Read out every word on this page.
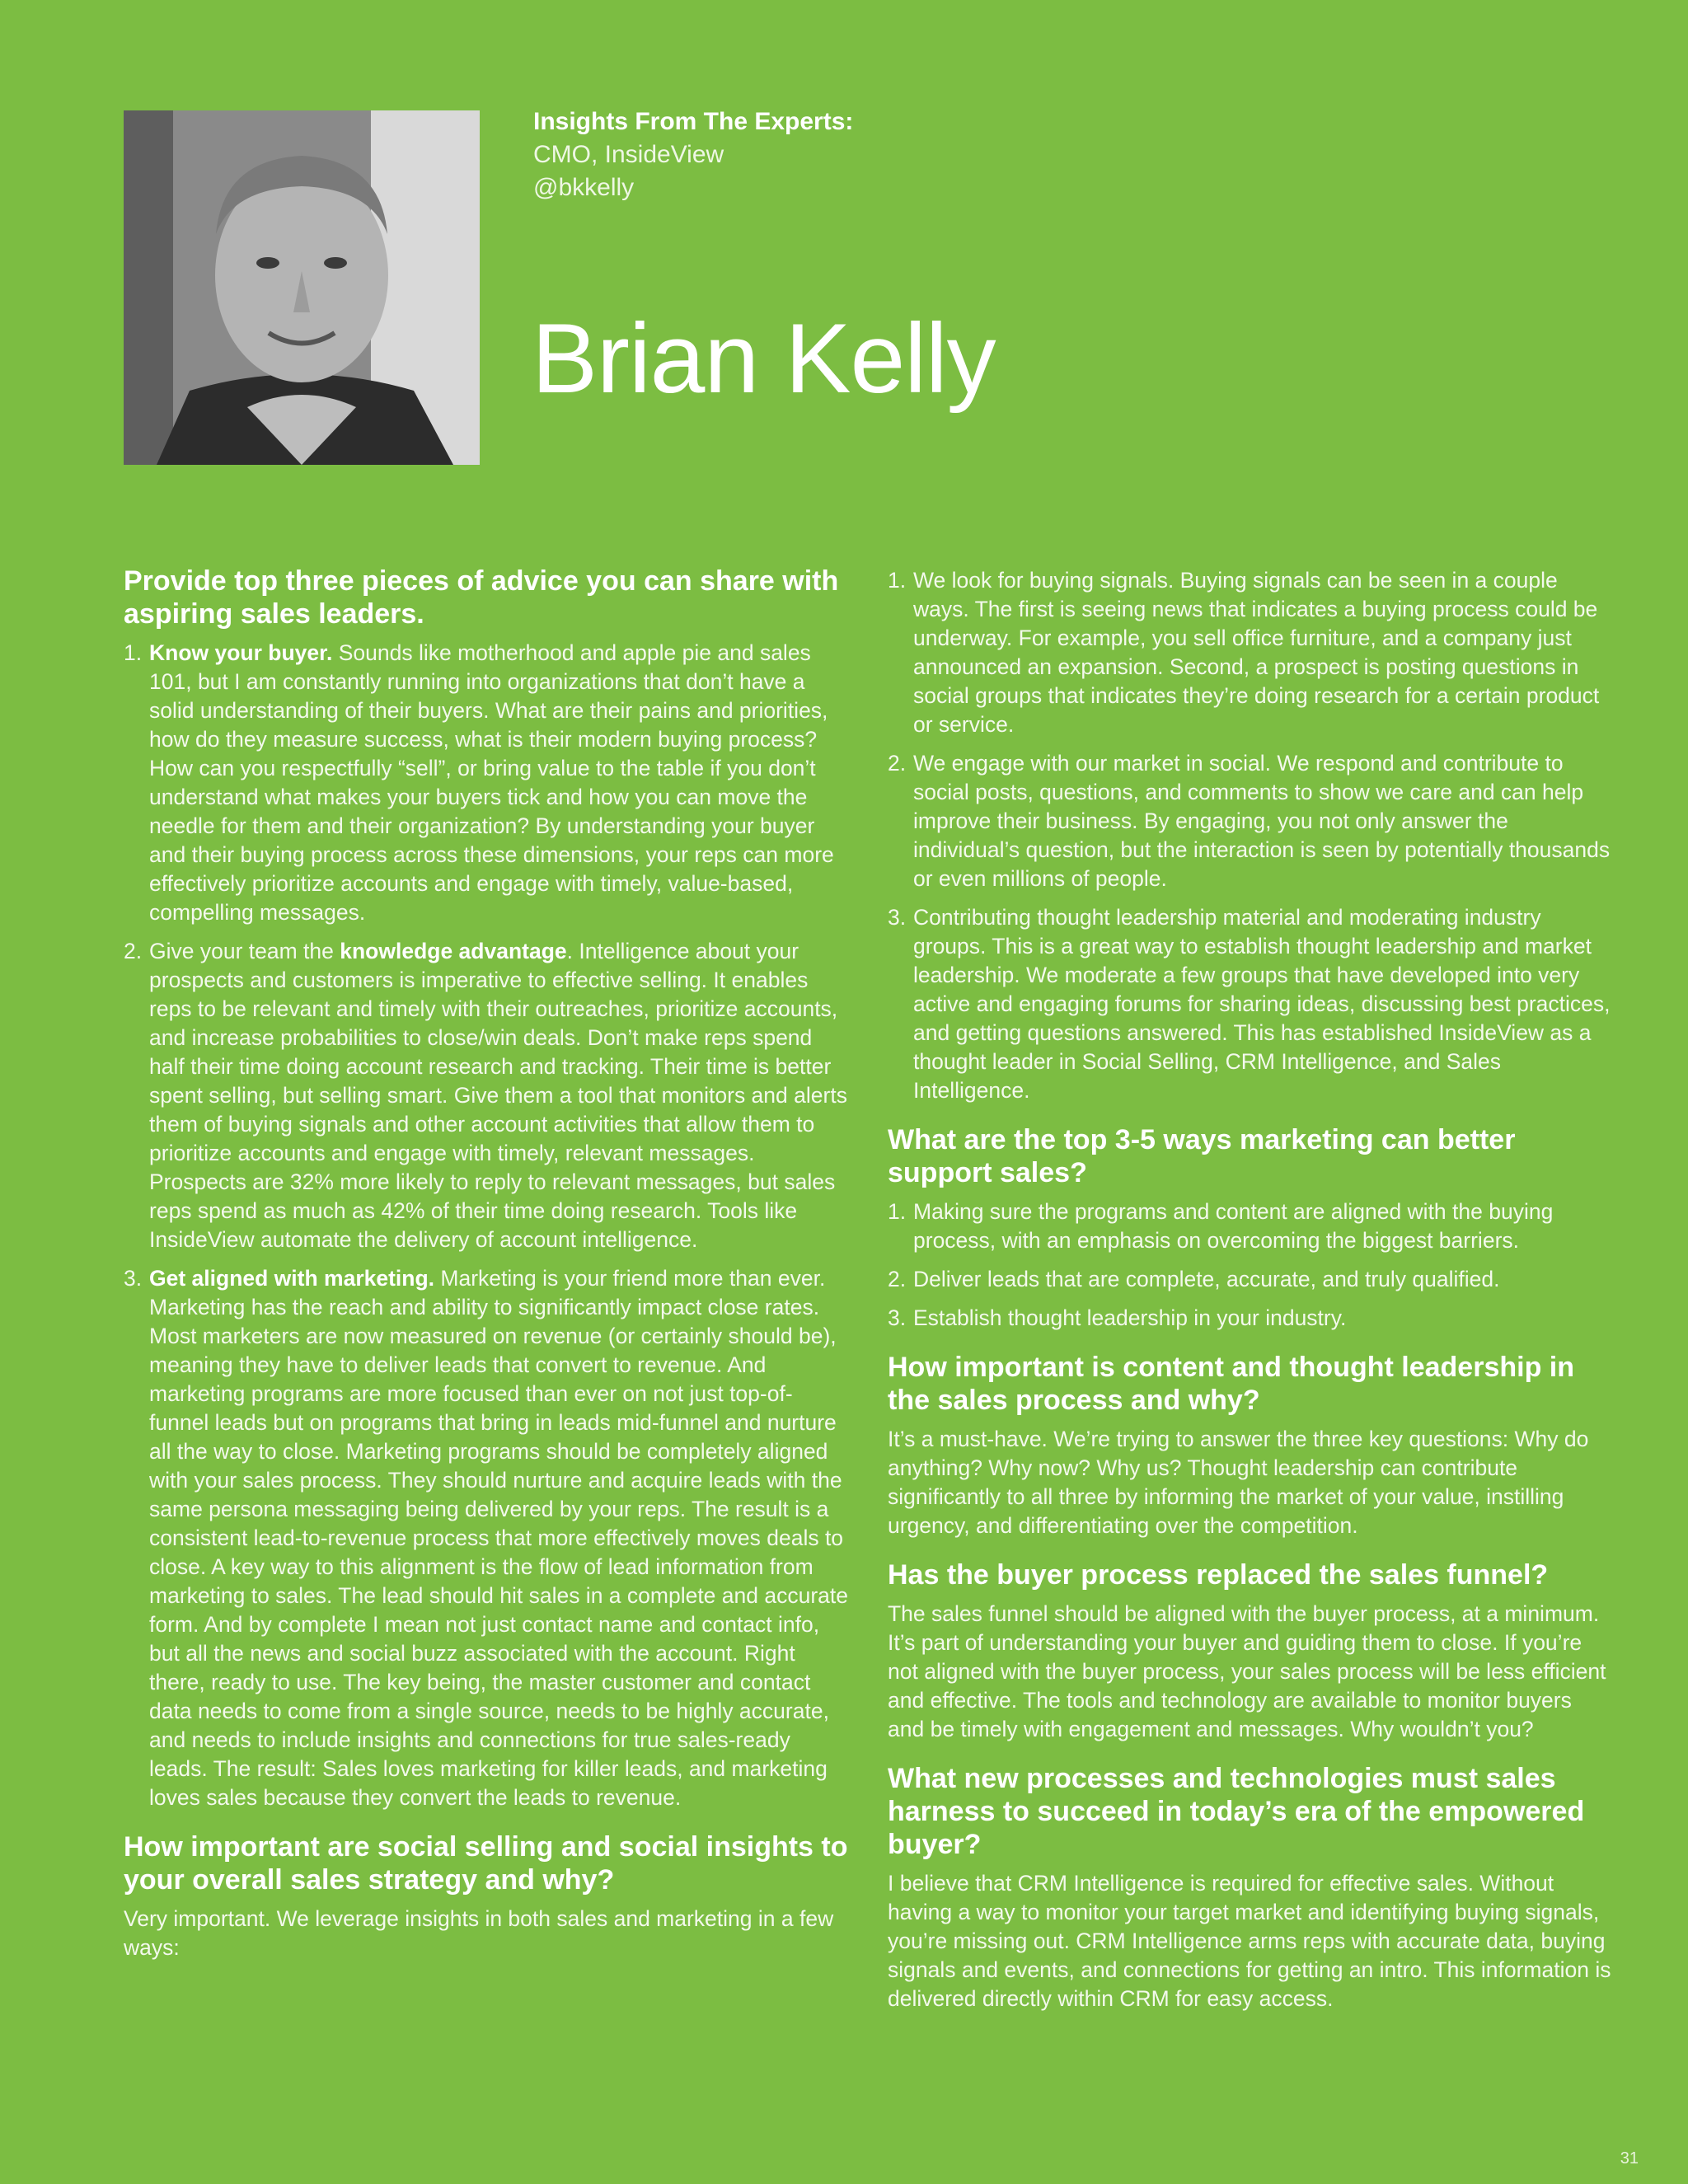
Insights From The Experts:
CMO, InsideView
@bkkelly
Brian Kelly
Provide top three pieces of advice you can share with aspiring sales leaders.
1. Know your buyer. Sounds like motherhood and apple pie and sales 101, but I am constantly running into organizations that don’t have a solid understanding of their buyers. What are their pains and priorities, how do they measure success, what is their modern buying process? How can you respectfully “sell”, or bring value to the table if you don’t understand what makes your buyers tick and how you can move the needle for them and their organization? By understanding your buyer and their buying process across these dimensions, your reps can more effectively prioritize accounts and engage with timely, value-based, compelling messages.
2. Give your team the knowledge advantage. Intelligence about your prospects and customers is imperative to effective selling. It enables reps to be relevant and timely with their outreaches, prioritize accounts, and increase probabilities to close/win deals. Don’t make reps spend half their time doing account research and tracking. Their time is better spent selling, but selling smart. Give them a tool that monitors and alerts them of buying signals and other account activities that allow them to prioritize accounts and engage with timely, relevant messages. Prospects are 32% more likely to reply to relevant messages, but sales reps spend as much as 42% of their time doing research. Tools like InsideView automate the delivery of account intelligence.
3. Get aligned with marketing. Marketing is your friend more than ever. Marketing has the reach and ability to significantly impact close rates. Most marketers are now measured on revenue (or certainly should be), meaning they have to deliver leads that convert to revenue. And marketing programs are more focused than ever on not just top-of-funnel leads but on programs that bring in leads mid-funnel and nurture all the way to close. Marketing programs should be completely aligned with your sales process. They should nurture and acquire leads with the same persona messaging being delivered by your reps. The result is a consistent lead-to-revenue process that more effectively moves deals to close. A key way to this alignment is the flow of lead information from marketing to sales. The lead should hit sales in a complete and accurate form. And by complete I mean not just contact name and contact info, but all the news and social buzz associated with the account. Right there, ready to use. The key being, the master customer and contact data needs to come from a single source, needs to be highly accurate, and needs to include insights and connections for true sales-ready leads. The result: Sales loves marketing for killer leads, and marketing loves sales because they convert the leads to revenue.
How important are social selling and social insights to your overall sales strategy and why?

Very important. We leverage insights in both sales and marketing in a few ways:

1. We look for buying signals. Buying signals can be seen in a couple ways. The first is seeing news that indicates a buying process could be underway. For example, you sell office furniture, and a company just announced an expansion. Second, a prospect is posting questions in social groups that indicates they’re doing research for a certain product or service.
2. We engage with our market in social. We respond and contribute to social posts, questions, and comments to show we care and can help improve their business. By engaging, you not only answer the individual’s question, but the interaction is seen by potentially thousands or even millions of people.
3. Contributing thought leadership material and moderating industry groups. This is a great way to establish thought leadership and market leadership. We moderate a few groups that have developed into very active and engaging forums for sharing ideas, discussing best practices, and getting questions answered. This has established InsideView as a thought leader in Social Selling, CRM Intelligence, and Sales Intelligence.
What are the top 3-5 ways marketing can better support sales?
1. Making sure the programs and content are aligned with the buying process, with an emphasis on overcoming the biggest barriers.
2. Deliver leads that are complete, accurate, and truly qualified.
3. Establish thought leadership in your industry.
How important is content and thought leadership in the sales process and why?

It’s a must-have. We’re trying to answer the three key questions: Why do anything? Why now? Why us? Thought leadership can contribute significantly to all three by informing the market of your value, instilling urgency, and differentiating over the competition.

Has the buyer process replaced the sales funnel?

The sales funnel should be aligned with the buyer process, at a minimum. It’s part of understanding your buyer and guiding them to close. If you’re not aligned with the buyer process, your sales process will be less efficient and effective. The tools and technology are available to monitor buyers and be timely with engagement and messages. Why wouldn’t you?

What new processes and technologies must sales harness to succeed in today’s era of the empowered buyer?

I believe that CRM Intelligence is required for effective sales. Without having a way to monitor your target market and identifying buying signals, you’re missing out. CRM Intelligence arms reps with accurate data, buying signals and events, and connections for getting an intro. This information is delivered directly within CRM for easy access.

31
